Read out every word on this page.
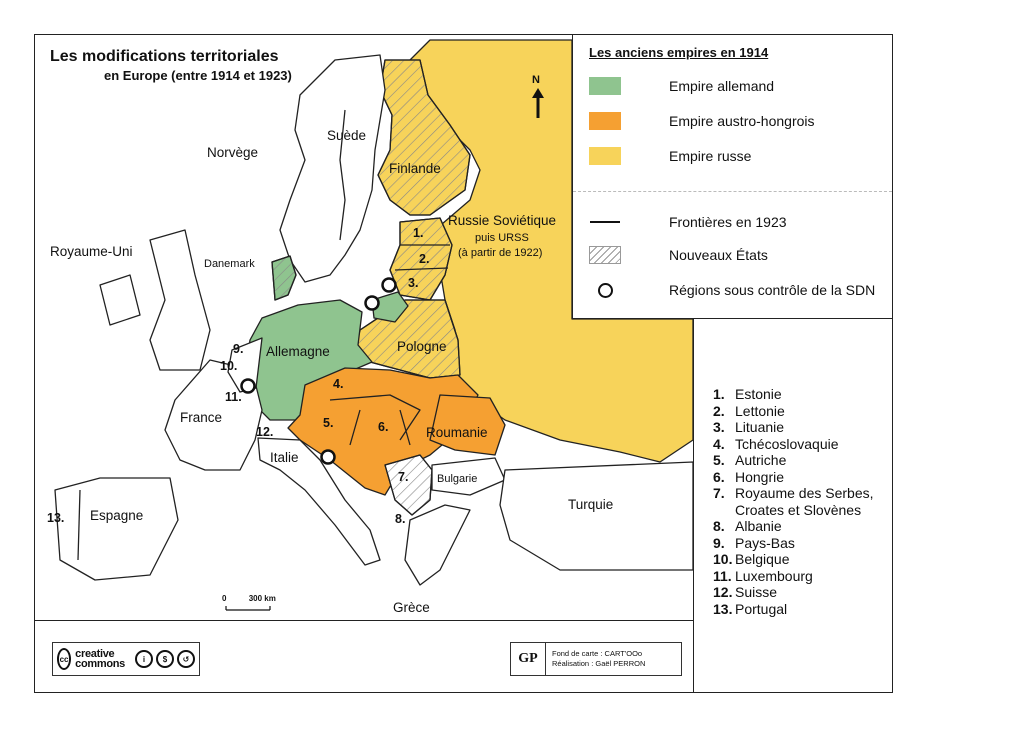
Les modifications territoriales
en Europe (entre 1914 et 1923)	N
Suède
Norvège
Finlande
Russie Soviétique
puis URSS
(à partir de 1922)
Royaume-Uni
Danemark
Allemagne	Pologne
France
Roumanie
Italie
Bulgarie
Espagne
Turquie
Grèce
1.
2.
3.
4.
5.	6.
7.
8.
9.
10.
11.
12.
13.
0	300 km
Les anciens empires en 1914
Empire allemand
Empire austro-hongrois
Empire russe
Frontières en 1923
Nouveaux États
Régions sous contrôle de la SDN
1. Estonie
2. Lettonie
3. Lituanie
4. Tchécoslovaquie
5. Autriche
6. Hongrie
7. Royaume des Serbes, Croates et Slovènes
8. Albanie
9. Pays-Bas
10. Belgique
11. Luxembourg
12. Suisse
13. Portugal
cc creative
commons	i	$	↺	GP	Fond de carte : CART'OOo
Réalisation : Gaël PERRON
